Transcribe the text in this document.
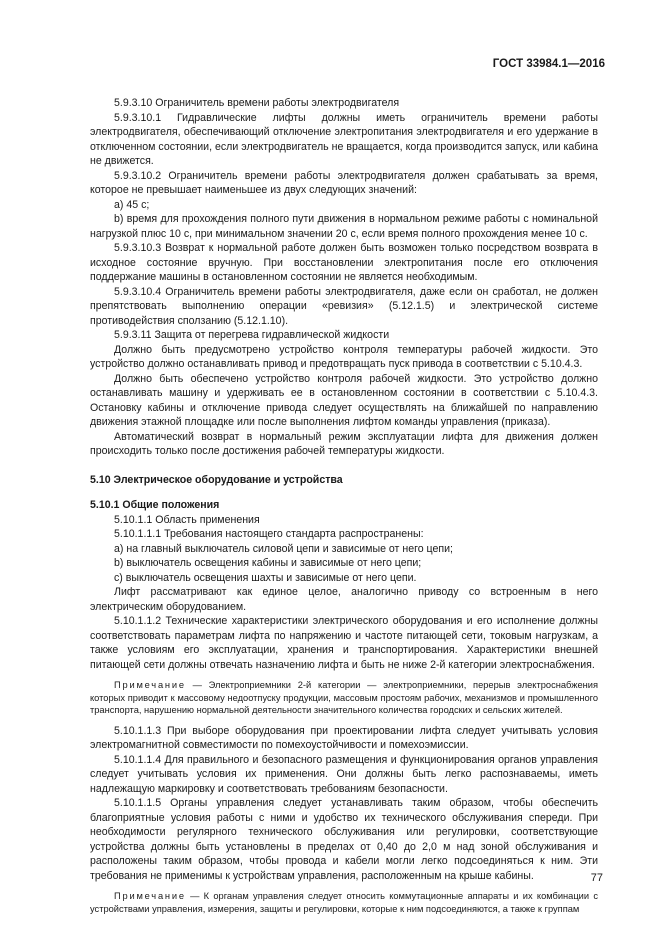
ГОСТ 33984.1—2016

5.9.3.10 Ограничитель времени работы электродвигателя

5.9.3.10.1 Гидравлические лифты должны иметь ограничитель времени работы электродвигателя, обеспечивающий отключение электропитания электродвигателя и его удержание в отключенном состоянии, если электродвигатель не вращается, когда производится запуск, или кабина не движется.

5.9.3.10.2 Ограничитель времени работы электродвигателя должен срабатывать за время, которое не превышает наименьшее из двух следующих значений:

a) 45 с;

b) время для прохождения полного пути движения в нормальном режиме работы с номинальной нагрузкой плюс 10 с, при минимальном значении 20 с, если время полного прохождения менее 10 с.

5.9.3.10.3 Возврат к нормальной работе должен быть возможен только посредством возврата в исходное состояние вручную. При восстановлении электропитания после его отключения поддержание машины в остановленном состоянии не является необходимым.

5.9.3.10.4 Ограничитель времени работы электродвигателя, даже если он сработал, не должен препятствовать выполнению операции «ревизия» (5.12.1.5) и электрической системе противодействия сползанию (5.12.1.10).

5.9.3.11 Защита от перегрева гидравлической жидкости

Должно быть предусмотрено устройство контроля температуры рабочей жидкости. Это устройство должно останавливать привод и предотвращать пуск привода в соответствии с 5.10.4.3.

Должно быть обеспечено устройство контроля рабочей жидкости. Это устройство должно останавливать машину и удерживать ее в остановленном состоянии в соответствии с 5.10.4.3. Остановку кабины и отключение привода следует осуществлять на ближайшей по направлению движения этажной площадке или после выполнения лифтом команды управления (приказа).

Автоматический возврат в нормальный режим эксплуатации лифта для движения должен происходить только после достижения рабочей температуры жидкости.

5.10 Электрическое оборудование и устройства

5.10.1 Общие положения

5.10.1.1 Область применения

5.10.1.1.1 Требования настоящего стандарта распространены:

a) на главный выключатель силовой цепи и зависимые от него цепи;

b) выключатель освещения кабины и зависимые от него цепи;

c) выключатель освещения шахты и зависимые от него цепи.

Лифт рассматривают как единое целое, аналогично приводу со встроенным в него электрическим оборудованием.

5.10.1.1.2 Технические характеристики электрического оборудования и его исполнение должны соответствовать параметрам лифта по напряжению и частоте питающей сети, токовым нагрузкам, а также условиям его эксплуатации, хранения и транспортирования. Характеристики внешней питающей сети должны отвечать назначению лифта и быть не ниже 2-й категории электроснабжения.

Примечание — Электроприемники 2-й категории — электроприемники, перерыв электроснабжения которых приводит к массовому недоотпуску продукции, массовым простоям рабочих, механизмов и промышленного транспорта, нарушению нормальной деятельности значительного количества городских и сельских жителей.

5.10.1.1.3 При выборе оборудования при проектировании лифта следует учитывать условия электромагнитной совместимости по помехоустойчивости и помехоэмиссии.

5.10.1.1.4 Для правильного и безопасного размещения и функционирования органов управления следует учитывать условия их применения. Они должны быть легко распознаваемы, иметь надлежащую маркировку и соответствовать требованиям безопасности.

5.10.1.1.5 Органы управления следует устанавливать таким образом, чтобы обеспечить благоприятные условия работы с ними и удобство их технического обслуживания спереди. При необходимости регулярного технического обслуживания или регулировки, соответствующие устройства должны быть установлены в пределах от 0,40 до 2,0 м над зоной обслуживания и расположены таким образом, чтобы провода и кабели могли легко подсоединяться к ним. Эти требования не применимы к устройствам управления, расположенным на крыше кабины.

Примечание — К органам управления следует относить коммутационные аппараты и их комбинации с устройствами управления, измерения, защиты и регулировки, которые к ним подсоединяются, а также к группам

77
